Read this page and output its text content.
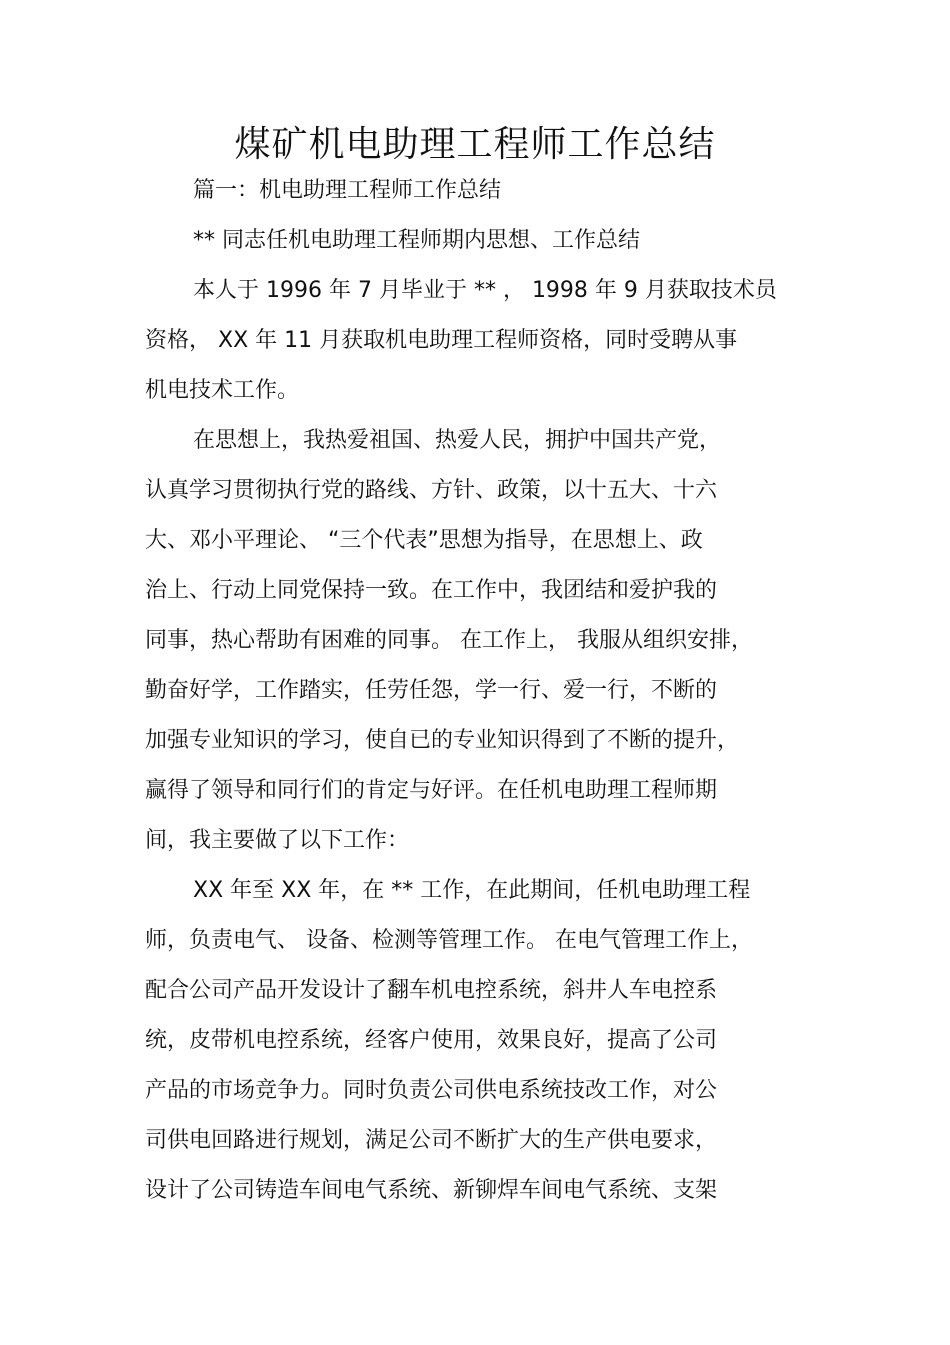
煤矿机电助理工程师工作总结
篇一：机电助理工程师工作总结
** 同志任机电助理工程师期内思想、工作总结
本人于 1996 年 7 月毕业于 ** ， 1998 年 9 月获取技术员
资格， XX 年 11 月获取机电助理工程师资格，同时受聘从事
机电技术工作。
在思想上，我热爱祖国、热爱人民，拥护中国共产党，
认真学习贯彻执行党的路线、方针、政策，以十五大、十六
大、邓小平理论、 “三个代表”思想为指导，在思想上、政
治上、行动上同党保持一致。在工作中，我团结和爱护我的
同事，热心帮助有困难的同事。 在工作上， 我服从组织安排，
勤奋好学，工作踏实，任劳任怨，学一行、爱一行，不断的
加强专业知识的学习，使自已的专业知识得到了不断的提升，
赢得了领导和同行们的肯定与好评。在任机电助理工程师期
间，我主要做了以下工作：
XX 年至 XX 年，在 ** 工作，在此期间，任机电助理工程
师，负责电气、 设备、检测等管理工作。 在电气管理工作上，
配合公司产品开发设计了翻车机电控系统，斜井人车电控系
统，皮带机电控系统，经客户使用，效果良好，提高了公司
产品的市场竞争力。同时负责公司供电系统技改工作，对公
司供电回路进行规划，满足公司不断扩大的生产供电要求，
设计了公司铸造车间电气系统、新铆焊车间电气系统、支架
